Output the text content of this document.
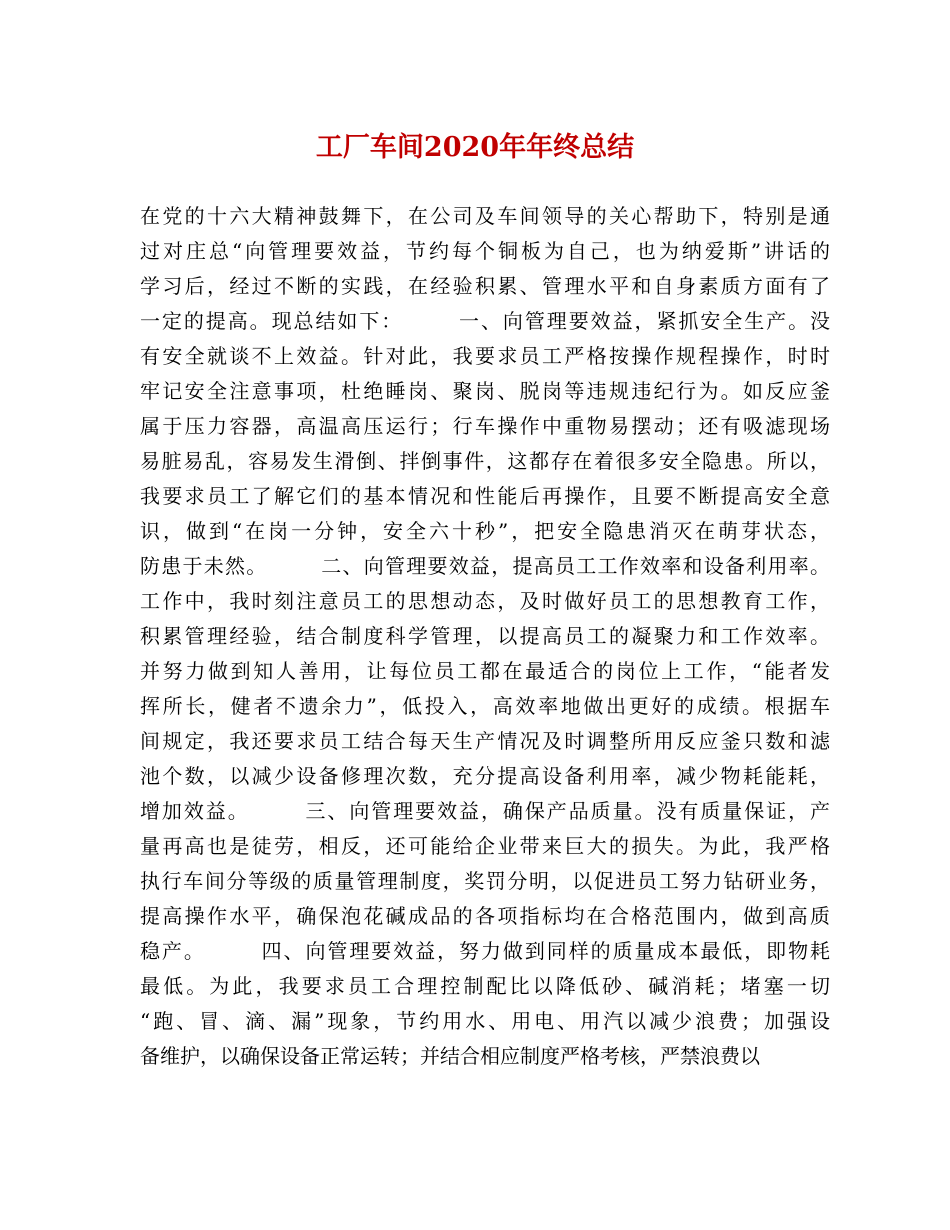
工厂车间2020年年终总结
在党的十六大精神鼓舞下，在公司及车间领导的关心帮助下，特别是通
过对庄总“向管理要效益，节约每个铜板为自己，也为纳爱斯”讲话的
学习后，经过不断的实践，在经验积累、管理水平和自身素质方面有了
一定的提高。现总结如下：　　　一、向管理要效益，紧抓安全生产。没
有安全就谈不上效益。针对此，我要求员工严格按操作规程操作，时时
牢记安全注意事项，杜绝睡岗、聚岗、脱岗等违规违纪行为。如反应釜
属于压力容器，高温高压运行；行车操作中重物易摆动；还有吸滤现场
易脏易乱，容易发生滑倒、拌倒事件，这都存在着很多安全隐患。所以，
我要求员工了解它们的基本情况和性能后再操作，且要不断提高安全意
识，做到“在岗一分钟，安全六十秒”，把安全隐患消灭在萌芽状态，
防患于未然。　　　二、向管理要效益，提高员工工作效率和设备利用率。
工作中，我时刻注意员工的思想动态，及时做好员工的思想教育工作，
积累管理经验，结合制度科学管理，以提高员工的凝聚力和工作效率。
并努力做到知人善用，让每位员工都在最适合的岗位上工作，“能者发
挥所长，健者不遗余力”，低投入，高效率地做出更好的成绩。根据车
间规定，我还要求员工结合每天生产情况及时调整所用反应釜只数和滤
池个数，以减少设备修理次数，充分提高设备利用率，减少物耗能耗，
增加效益。　　　三、向管理要效益，确保产品质量。没有质量保证，产
量再高也是徒劳，相反，还可能给企业带来巨大的损失。为此，我严格
执行车间分等级的质量管理制度，奖罚分明，以促进员工努力钻研业务，
提高操作水平，确保泡花碱成品的各项指标均在合格范围内，做到高质
稳产。　　　四、向管理要效益，努力做到同样的质量成本最低，即物耗
最低。为此，我要求员工合理控制配比以降低砂、碱消耗；堵塞一切
“跑、冒、滴、漏”现象，节约用水、用电、用汽以减少浪费；加强设
备维护，以确保设备正常运转；并结合相应制度严格考核，严禁浪费以
